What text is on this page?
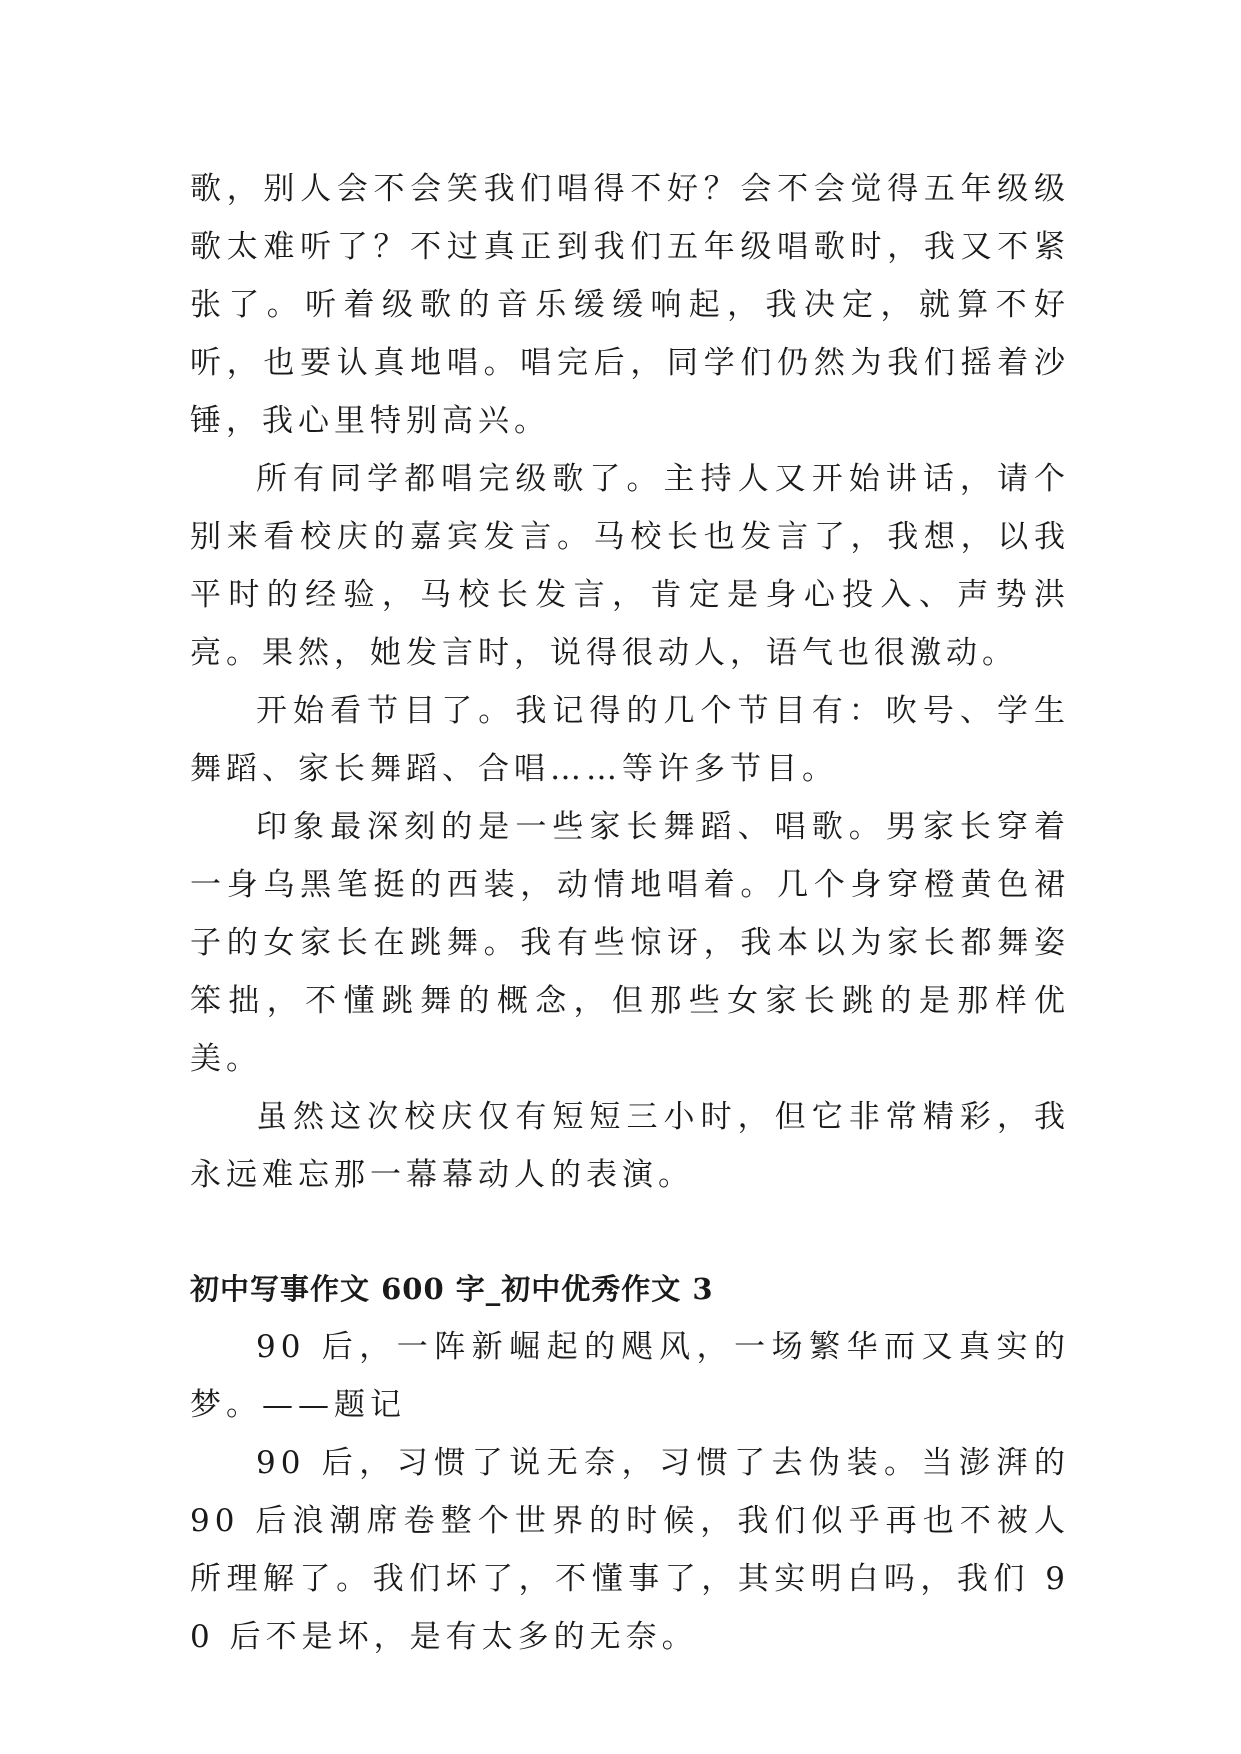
歌，别人会不会笑我们唱得不好？会不会觉得五年级级歌太难听了？不过真正到我们五年级唱歌时，我又不紧张了。听着级歌的音乐缓缓响起，我决定，就算不好听，也要认真地唱。唱完后，同学们仍然为我们摇着沙锤，我心里特别高兴。

所有同学都唱完级歌了。主持人又开始讲话，请个别来看校庆的嘉宾发言。马校长也发言了，我想，以我平时的经验，马校长发言，肯定是身心投入、声势洪亮。果然，她发言时，说得很动人，语气也很激动。

开始看节目了。我记得的几个节目有：吹号、学生舞蹈、家长舞蹈、合唱……等许多节目。

印象最深刻的是一些家长舞蹈、唱歌。男家长穿着一身乌黑笔挺的西装，动情地唱着。几个身穿橙黄色裙子的女家长在跳舞。我有些惊讶，我本以为家长都舞姿笨拙，不懂跳舞的概念，但那些女家长跳的是那样优美。

虽然这次校庆仅有短短三小时，但它非常精彩，我永远难忘那一幕幕动人的表演。

初中写事作文 600 字_初中优秀作文 3

90 后，一阵新崛起的飓风，一场繁华而又真实的梦。——题记

90 后，习惯了说无奈，习惯了去伪装。当澎湃的 90 后浪潮席卷整个世界的时候，我们似乎再也不被人所理解了。我们坏了，不懂事了，其实明白吗，我们 90 后不是坏，是有太多的无奈。
